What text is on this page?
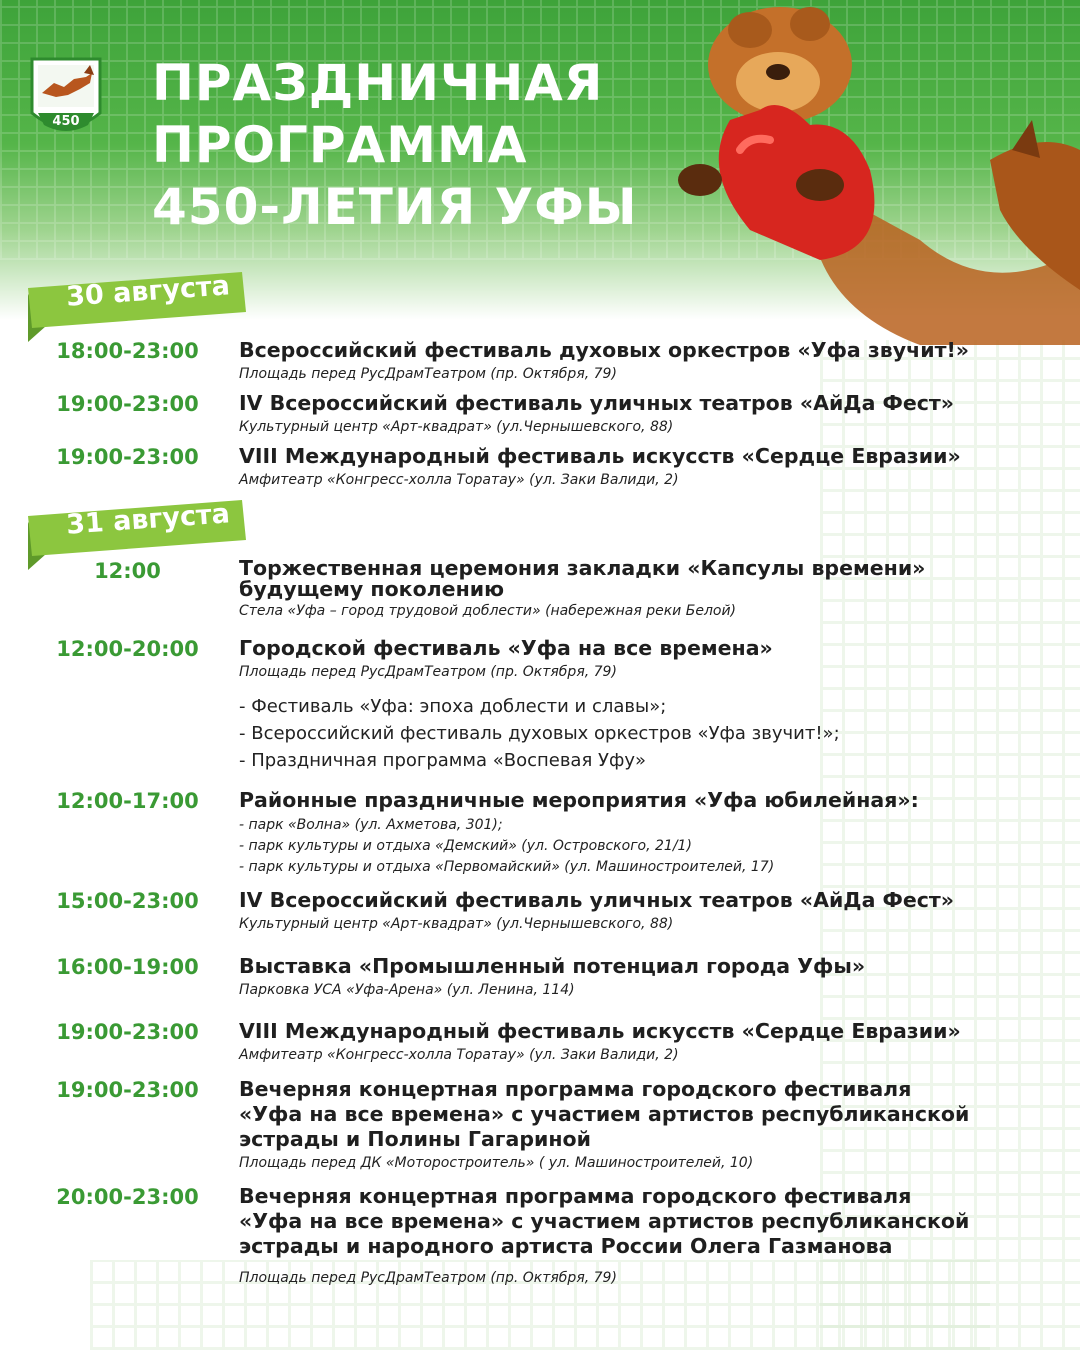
450
ПРАЗДНИЧНАЯ
ПРОГРАММА
450-ЛЕТИЯ УФЫ
30 августа
18:00-23:00	Всероссийский фестиваль духовых оркестров «Уфа звучит!»
Площадь перед РусДрамТеатром (пр. Октября, 79)
19:00-23:00	IV Всероссийский фестиваль уличных театров «АйДа Фест»
Культурный центр «Арт-квадрат» (ул.Чернышевского, 88)
19:00-23:00	VIII Международный фестиваль искусств «Сердце Евразии»
Амфитеатр «Конгресс-холла Торатау» (ул. Заки Валиди, 2)
31 августа
12:00	Торжественная церемония закладки «Капсулы времени»
будущему поколению
Стела «Уфа – город трудовой доблести» (набережная реки Белой)
12:00-20:00	Городской фестиваль «Уфа на все времена»
Площадь перед РусДрамТеатром (пр. Октября, 79)
- Фестиваль «Уфа: эпоха доблести и славы»;
- Всероссийский фестиваль духовых оркестров «Уфа звучит!»;
- Праздничная программа «Воспевая Уфу»
12:00-17:00	Районные праздничные мероприятия «Уфа юбилейная»:
- парк «Волна» (ул. Ахметова, 301);
- парк культуры и отдыха «Демский» (ул. Островского, 21/1)
- парк культуры и отдыха «Первомайский» (ул. Машиностроителей, 17)
15:00-23:00	IV Всероссийский фестиваль уличных театров «АйДа Фест»
Культурный центр «Арт-квадрат» (ул.Чернышевского, 88)
16:00-19:00	Выставка «Промышленный потенциал города Уфы»
Парковка УСА «Уфа-Арена» (ул. Ленина, 114)
19:00-23:00	VIII Международный фестиваль искусств «Сердце Евразии»
Амфитеатр «Конгресс-холла Торатау» (ул. Заки Валиди, 2)
19:00-23:00	Вечерняя концертная программа городского фестиваля
«Уфа на все времена» с участием артистов республиканской
эстрады и Полины Гагариной
Площадь перед ДК «Моторостроитель» ( ул. Машиностроителей, 10)
20:00-23:00	Вечерняя концертная программа городского фестиваля
«Уфа на все времена» с участием артистов республиканской
эстрады и народного артиста России Олега Газманова
Площадь перед РусДрамТеатром (пр. Октября, 79)
